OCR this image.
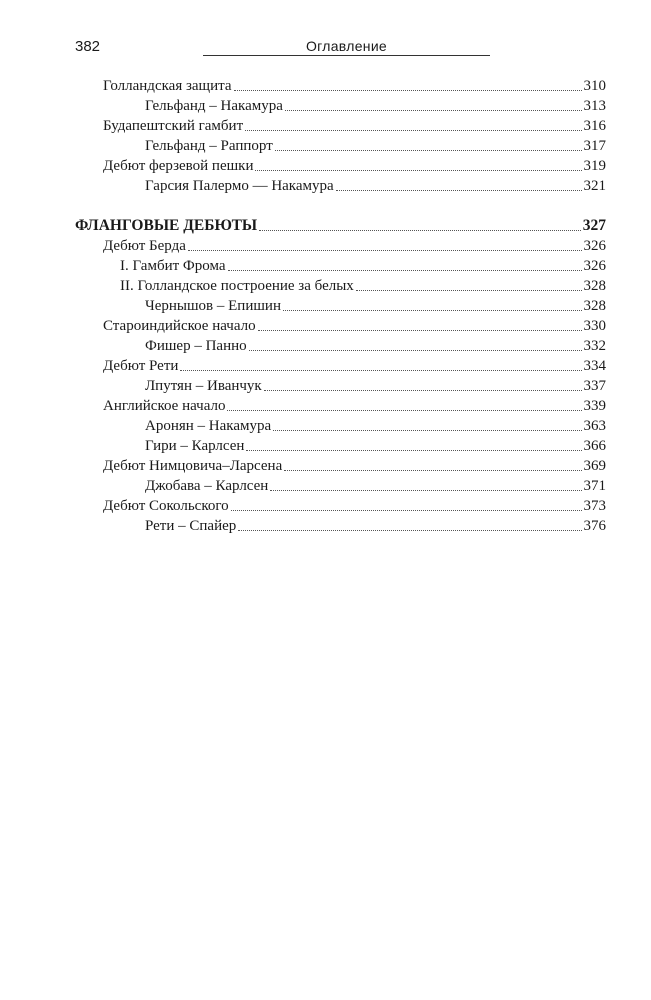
382	Оглавление
Голландская защита	310
Гельфанд – Накамура	313
Будапештский гамбит	316
Гельфанд – Раппорт	317
Дебют ферзевой пешки	319
Гарсия Палермо — Накамура	321
ФЛАНГОВЫЕ ДЕБЮТЫ	327
Дебют Берда	326
I. Гамбит Фрома	326
II. Голландское построение за белых	328
Чернышов – Епишин	328
Староиндийское начало	330
Фишер – Панно	332
Дебют Рети	334
Лпутян – Иванчук	337
Английское начало	339
Аронян – Накамура	363
Гири – Карлсен	366
Дебют Нимцовича–Ларсена	369
Джобава – Карлсен	371
Дебют Сокольского	373
Рети – Спайер	376
